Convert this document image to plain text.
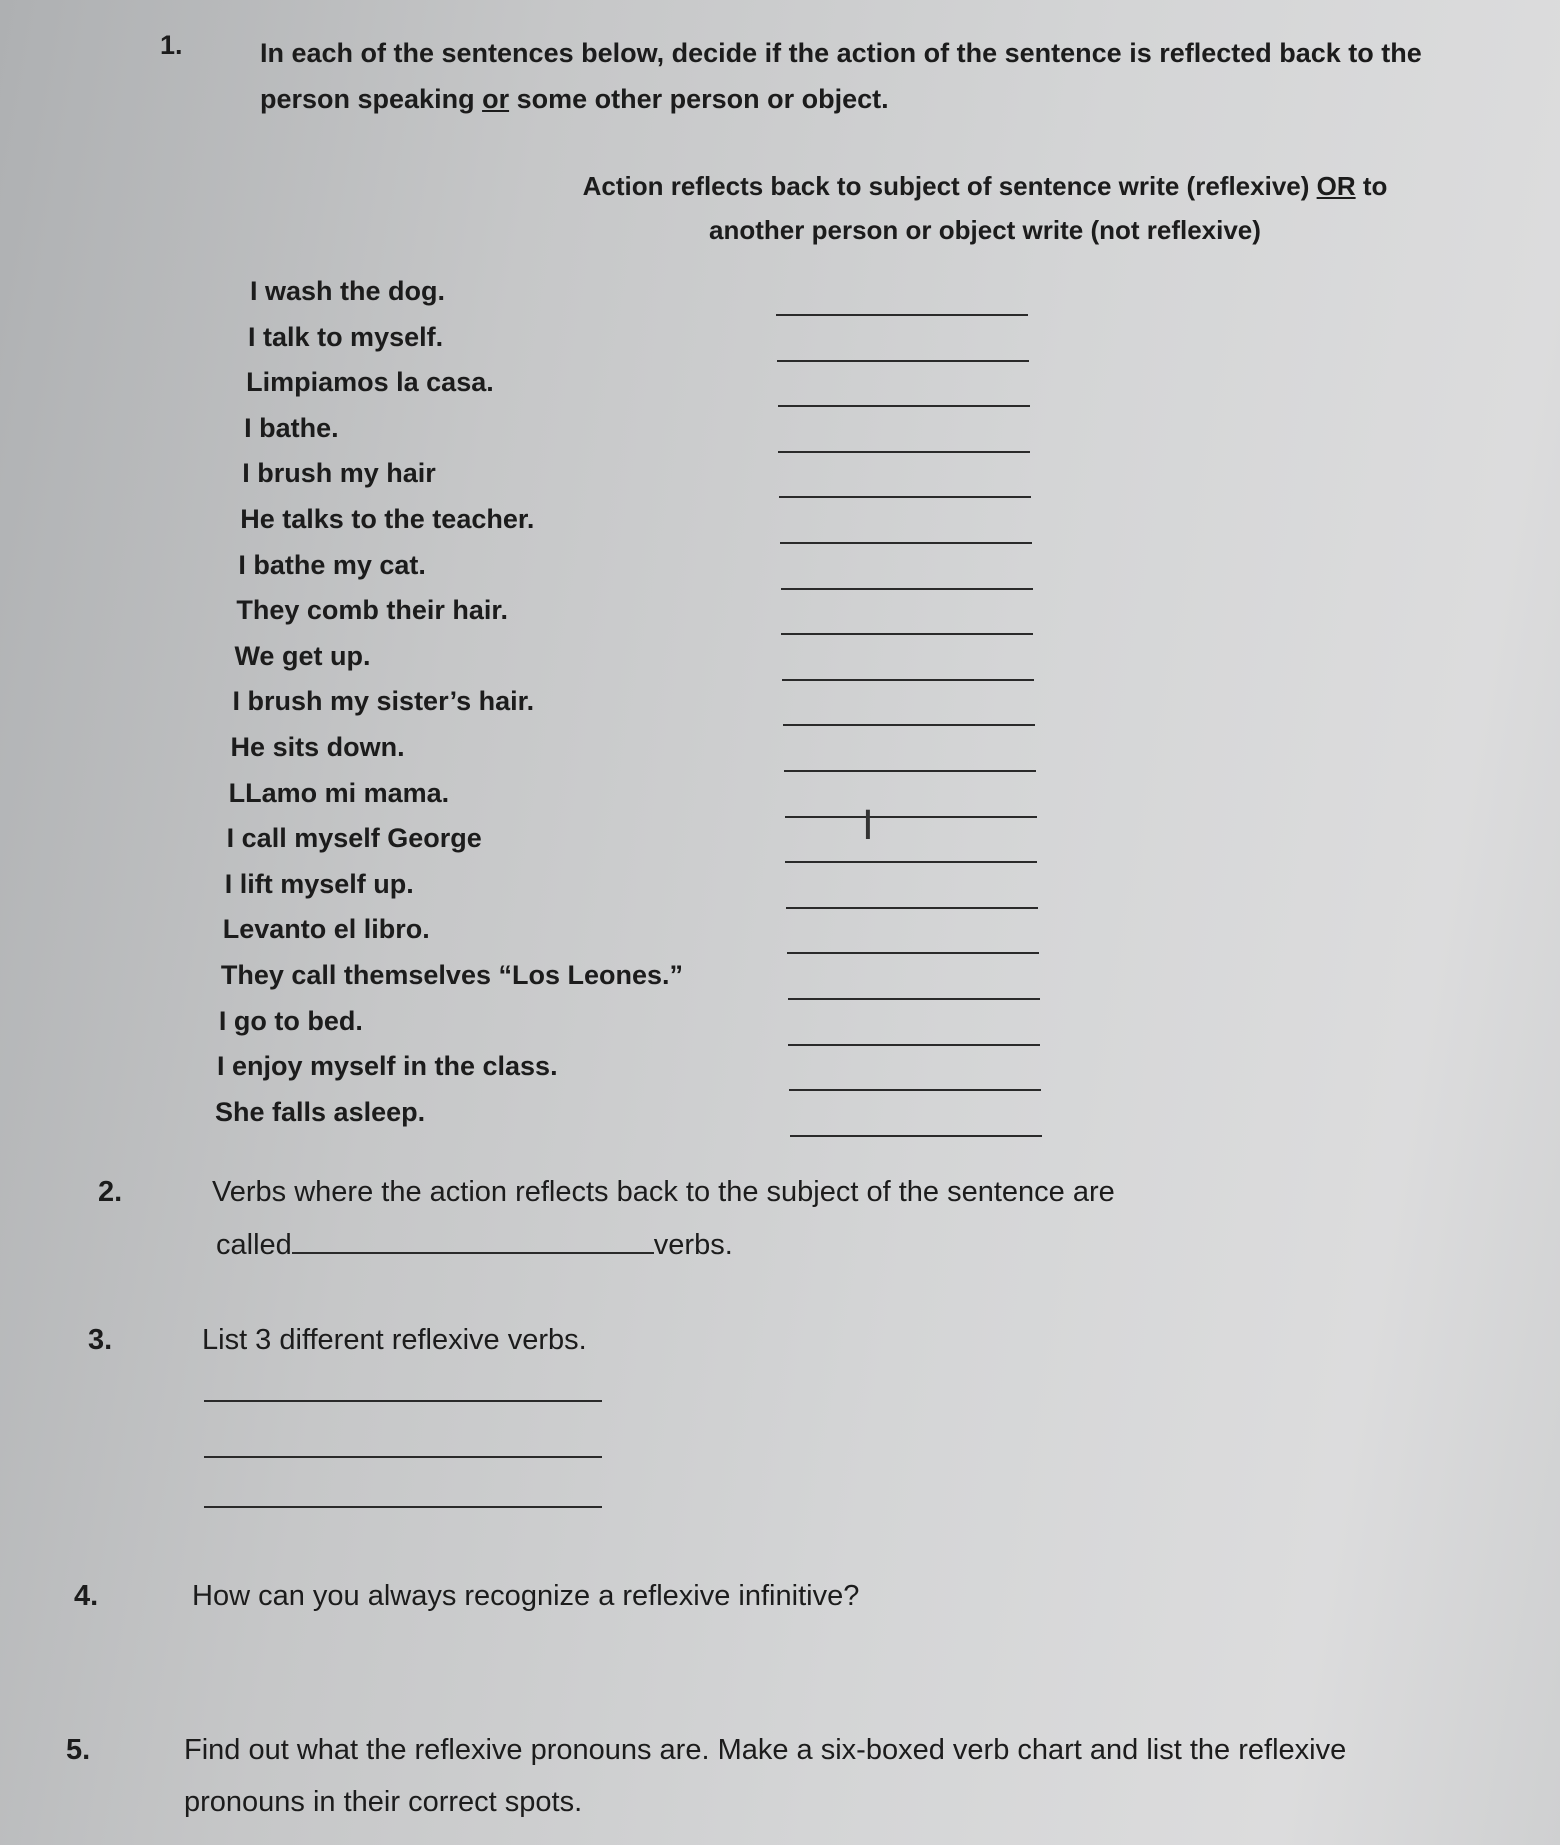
1.	In each of the sentences below, decide if the action of the sentence is reflected back to the
person speaking or some other person or object.
Action reflects back to subject of sentence write (reflexive) OR to
another person or object write (not reflexive)
I wash the dog.
I talk to myself.
Limpiamos la casa.
I bathe.
I brush my hair
He talks to the teacher.
I bathe my cat.
They comb their hair.
We get up.
I brush my sister’s hair.
He sits down.
LLamo mi mama.
I call myself George
I lift myself up.
Levanto el libro.
They call themselves “Los Leones.”
I go to bed.
I enjoy myself in the class.
She falls asleep.
I
2.	Verbs where the action reflects back to the subject of the sentence are
called	verbs.
3.	List 3 different reflexive verbs.
4.	How can you always recognize a reflexive infinitive?
5.	Find out what the reflexive pronouns are. Make a six-boxed verb chart and list the reflexive
pronouns in their correct spots.
